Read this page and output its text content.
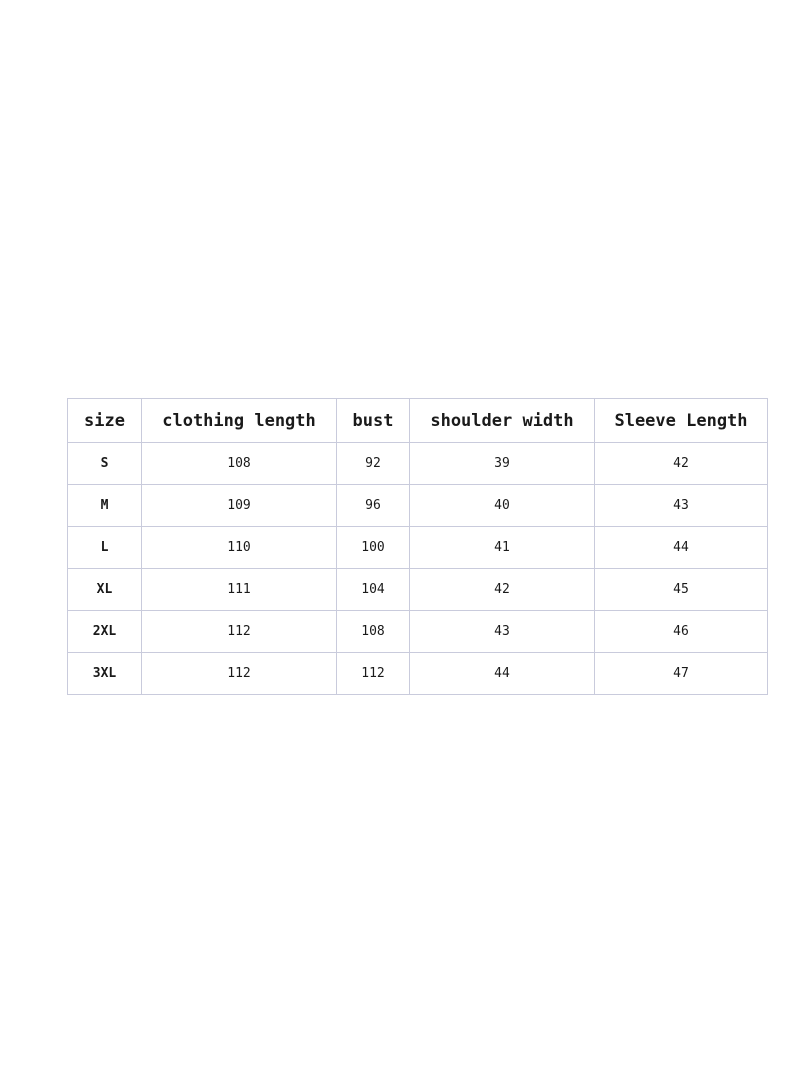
size	clothing length	bust	shoulder width	Sleeve Length
S	108	92	39	42
M	109	96	40	43
L	110	100	41	44
XL	111	104	42	45
2XL	112	108	43	46
3XL	112	112	44	47
